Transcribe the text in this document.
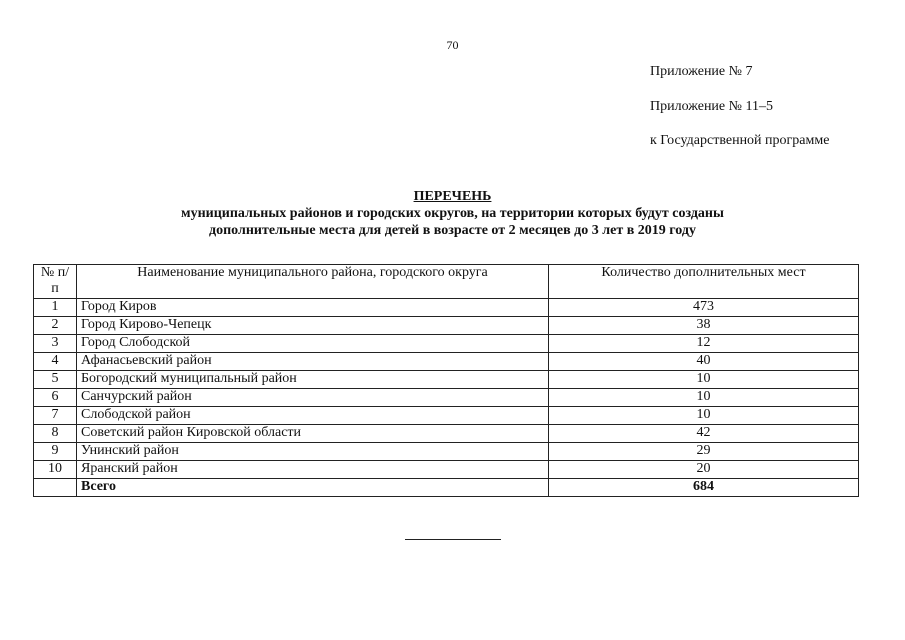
70
Приложение № 7
Приложение № 11–5
к Государственной программе
ПЕРЕЧЕНЬ
муниципальных районов и городских округов, на территории которых будут созданы
дополнительные места для детей в возрасте от 2 месяцев до 3 лет в 2019 году
№ п/п	Наименование муниципального района, городского округа	Количество дополнительных мест
1	Город Киров	473
2	Город Кирово-Чепецк	38
3	Город Слободской	12
4	Афанасьевский район	40
5	Богородский муниципальный район	10
6	Санчурский район	10
7	Слободской район	10
8	Советский район Кировской области	42
9	Унинский район	29
10	Яранский район	20
	Всего	684
